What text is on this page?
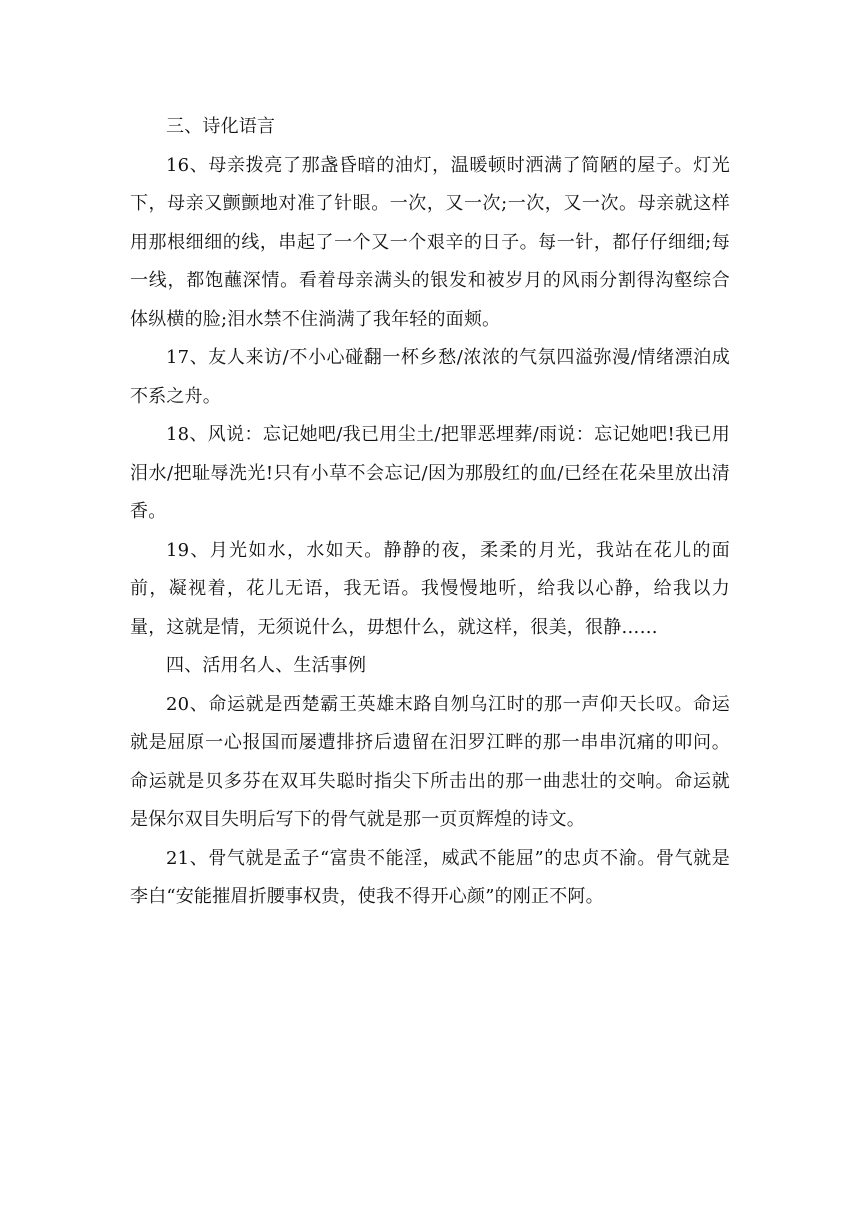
三、诗化语言

16、母亲拨亮了那盏昏暗的油灯，温暖顿时洒满了简陋的屋子。灯光下，母亲又颤颤地对准了针眼。一次，又一次;一次，又一次。母亲就这样用那根细细的线，串起了一个又一个艰辛的日子。每一针，都仔仔细细;每一线，都饱蘸深情。看着母亲满头的银发和被岁月的风雨分割得沟壑综合体纵横的脸;泪水禁不住淌满了我年轻的面颊。

17、友人来访/不小心碰翻一杯乡愁/浓浓的气氛四溢弥漫/情绪漂泊成不系之舟。

18、风说：忘记她吧/我已用尘土/把罪恶埋葬/雨说：忘记她吧!我已用泪水/把耻辱洗光!只有小草不会忘记/因为那殷红的血/已经在花朵里放出清香。

19、月光如水，水如天。静静的夜，柔柔的月光，我站在花儿的面前，凝视着，花儿无语，我无语。我慢慢地听，给我以心静，给我以力量，这就是情，无须说什么，毋想什么，就这样，很美，很静……

四、活用名人、生活事例

20、命运就是西楚霸王英雄末路自刎乌江时的那一声仰天长叹。命运就是屈原一心报国而屡遭排挤后遗留在汨罗江畔的那一串串沉痛的叩问。命运就是贝多芬在双耳失聪时指尖下所击出的那一曲悲壮的交响。命运就是保尔双目失明后写下的骨气就是那一页页辉煌的诗文。

21、骨气就是孟子“富贵不能淫，威武不能屈”的忠贞不渝。骨气就是李白“安能摧眉折腰事权贵，使我不得开心颜”的刚正不阿。
